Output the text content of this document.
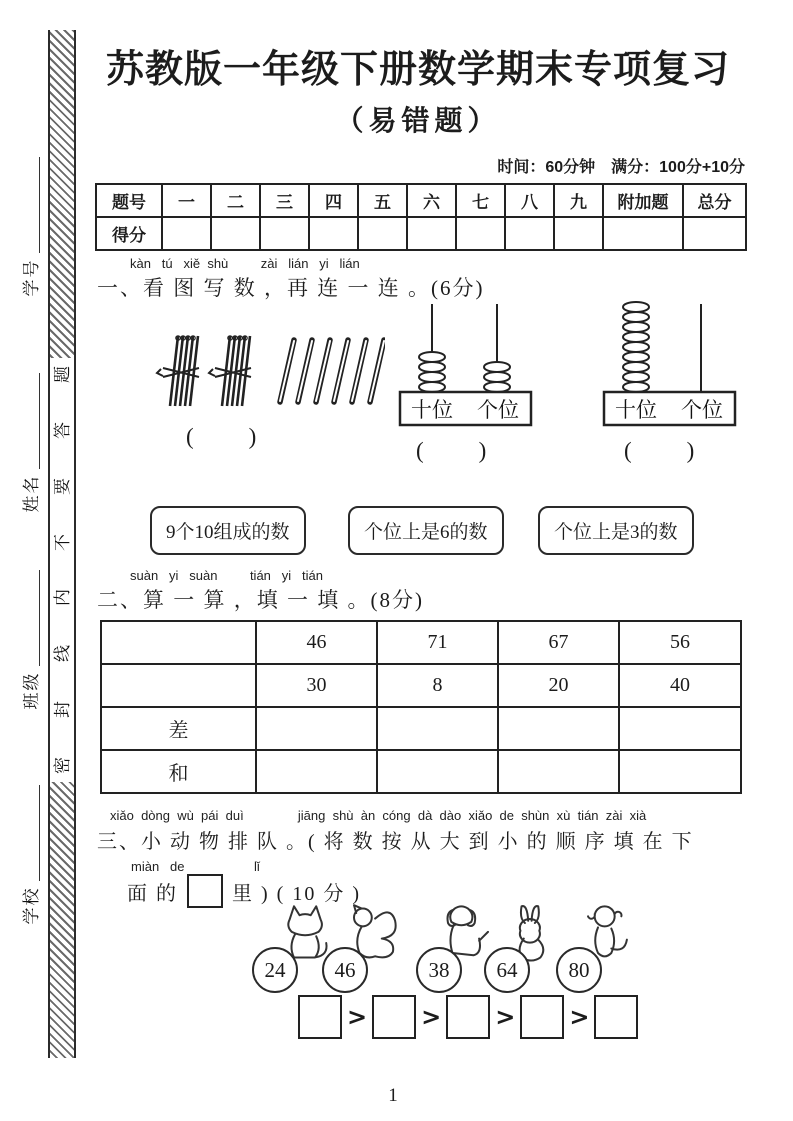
学号
姓名
班级
学校
题
答
要
不
内
线
封
密
苏教版一年级下册数学期末专项复习
（易错题）
时间：60分钟　满分：100分+10分
题号	一	二	三	四	五	六	七	八	九	附加题	总分
得分											
kàn   tú   xiě  shù         zài   lián   yi   lián
一、看 图 写 数 ，再 连 一 连 。(6分)
(　　)
十位 个位
(　　)
十位 个位
(　　)
9个10组成的数	个位上是6的数	个位上是3的数
suàn   yi   suàn         tián   yi   tián
二、算 一 算 ，填 一 填 。(8分)
	46	71	67	56
	30	8	20	40
差				
和				
xiǎo  dòng  wù  pái  duì               jiāng  shù  àn  cóng  dà  dào  xiǎo  de  shùn  xù  tián  zài  xià
三、小 动 物 排 队 。( 将 数 按 从 大 到 小 的 顺 序 填 在 下
miàn   de	lǐ
面 的	里 ) ( 10 分 )
24	46	38	64	80
> > > >
1
